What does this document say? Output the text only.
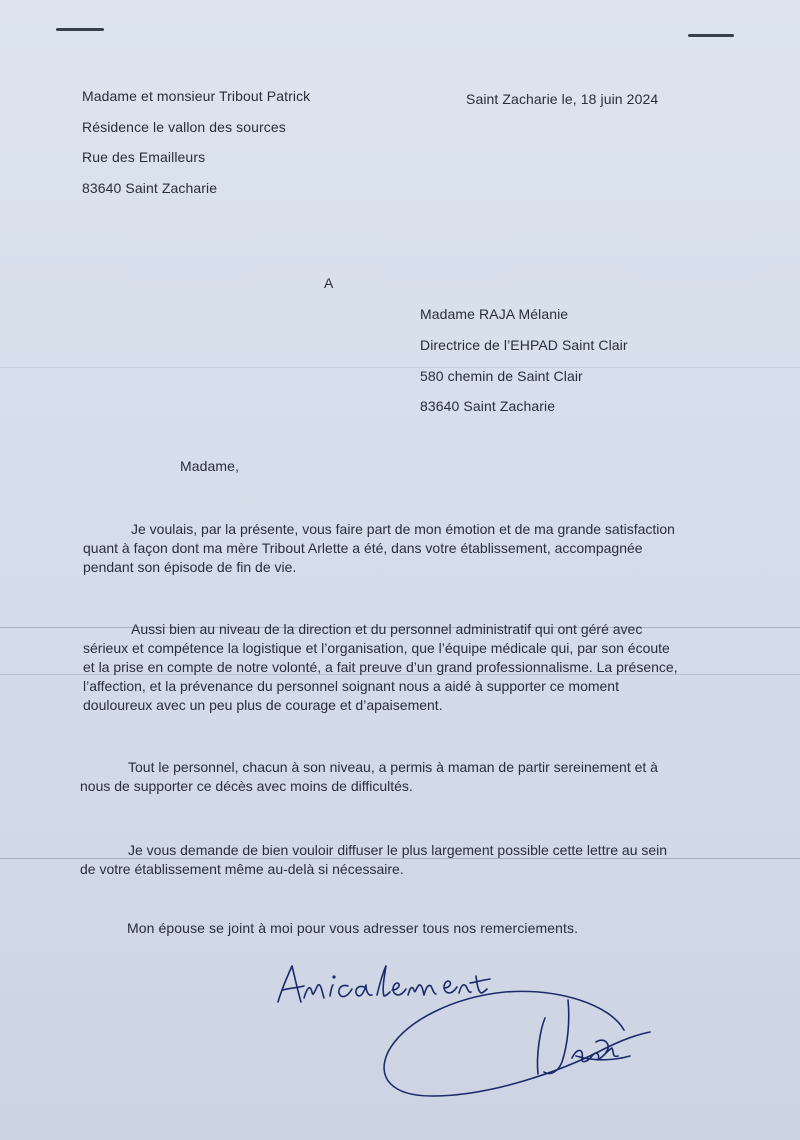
Madame et monsieur Tribout Patrick
Résidence le vallon des sources
Rue des Emailleurs
83640 Saint Zacharie
Saint Zacharie le, 18 juin 2024
A
Madame RAJA Mélanie
Directrice de l’EHPAD Saint Clair
580 chemin de Saint Clair
83640 Saint Zacharie
Madame,
Je voulais, par la présente, vous faire part de mon émotion et de ma grande satisfaction
quant à façon dont ma mère Tribout Arlette a été, dans votre établissement, accompagnée
pendant son épisode de fin de vie.
Aussi bien au niveau de la direction et du personnel administratif qui ont géré avec
sérieux et compétence la logistique et l’organisation, que l’équipe médicale qui, par son écoute
et la prise en compte de notre volonté, a fait preuve d’un grand professionnalisme. La présence,
l’affection, et la prévenance du personnel soignant nous a aidé à supporter ce moment
douloureux avec un peu plus de courage et d’apaisement.
Tout le personnel, chacun à son niveau, a permis à maman de partir sereinement et à
nous de supporter ce décès avec moins de difficultés.
Je vous demande de bien vouloir diffuser le plus largement possible cette lettre au sein
de votre établissement même au-delà si nécessaire.
Mon épouse se joint à moi pour vous adresser tous nos remerciements.
